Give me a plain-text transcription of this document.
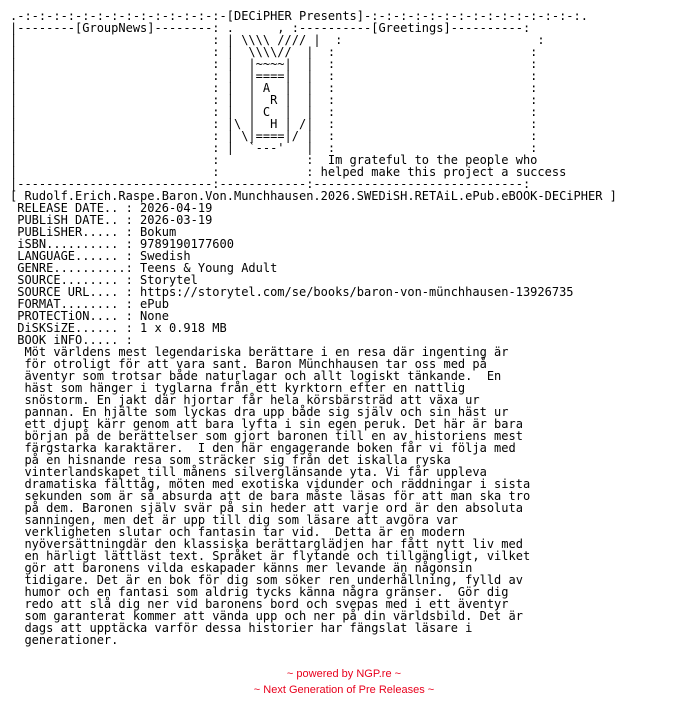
.-:-:-:-:-:-:-:-:-:-:-:-:-:-:-[DECiPHER Presents]-:-:-:-:-:-:-:-:-:-:-:-:-:-:-:.
|--------[GroupNews]--------: .      , :----------[Greetings]----------:
|                           : | \\\\ //// |  :                           :
|                           : |  \\\\//  |  :                           :
|                           : |  |~~~~|  |  :                           :
|                           : |  |====|  |  :                           :
|                           : |  | A  |  |  :                           :
|                           : |  |  R |  |  :                           :
|                           : |  | C  |  |  :                           :
|                           : |\ |  H | /|  :                           :
|                           : | \|====|/ |  :                           :
|                           : |  `---'   |  :                           :
|                           :            :  Im grateful to the people who
|                           :            : helped make this project a success
|---------------------------:------------:-----------------------------:
[ Rudolf.Erich.Raspe.Baron.Von.Munchhausen.2026.SWEDiSH.RETAiL.ePub.eBOOK-DECiPHER ]
RELEASE DATE.. : 2026-04-19
PUBLiSH DATE.. : 2026-03-19
PUBLiSHER..... : Bokum
iSBN.......... : 9789190177600
LANGUAGE...... : Swedish
GENRE..........: Teens & Young Adult
SOURCE........ : Storytel
SOURCE URL.... : https://storytel.com/se/books/baron-von-münchhausen-13926735
FORMAT........ : ePub
PROTECTiON.... : None
DiSKSiZE...... : 1 x 0.918 MB
BOOK iNFO..... :
Möt världens mest legendariska berättare i en resa där ingenting är
för otroligt för att vara sant. Baron Münchhausen tar oss med på
äventyr som trotsar både naturlagar och allt logiskt tänkande.  En
häst som hänger i tyglarna från ett kyrktorn efter en nattlig
snöstorm. En jakt där hjortar får hela körsbärsträd att växa ur
pannan. En hjälte som lyckas dra upp både sig själv och sin häst ur
ett djupt kärr genom att bara lyfta i sin egen peruk. Det här är bara
början på de berättelser som gjort baronen till en av historiens mest
färgstarka karaktärer.  I den här engagerande boken får vi följa med
på en hisnande resa som sträcker sig från det iskalla ryska
vinterlandskapet till månens silverglänsande yta. Vi får uppleva
dramatiska fälttåg, möten med exotiska vidunder och räddningar i sista
sekunden som är så absurda att de bara måste läsas för att man ska tro
på dem. Baronen själv svär på sin heder att varje ord är den absoluta
sanningen, men det är upp till dig som läsare att avgöra var
verkligheten slutar och fantasin tar vid.  Detta är en modern
nyöversättningdär den klassiska berättarglädjen har fått nytt liv med
en härligt lättläst text. Språket är flytande och tillgängligt, vilket
gör att baronens vilda eskapader känns mer levande än någonsin
tidigare. Det är en bok för dig som söker ren underhållning, fylld av
humor och en fantasi som aldrig tycks känna några gränser.  Gör dig
redo att slå dig ner vid baronens bord och svepas med i ett äventyr
som garanterat kommer att vända upp och ner på din världsbild. Det är
dags att upptäcka varför dessa historier har fängslat läsare i
generationer.
~ powered by NGP.re ~
~ Next Generation of Pre Releases ~
